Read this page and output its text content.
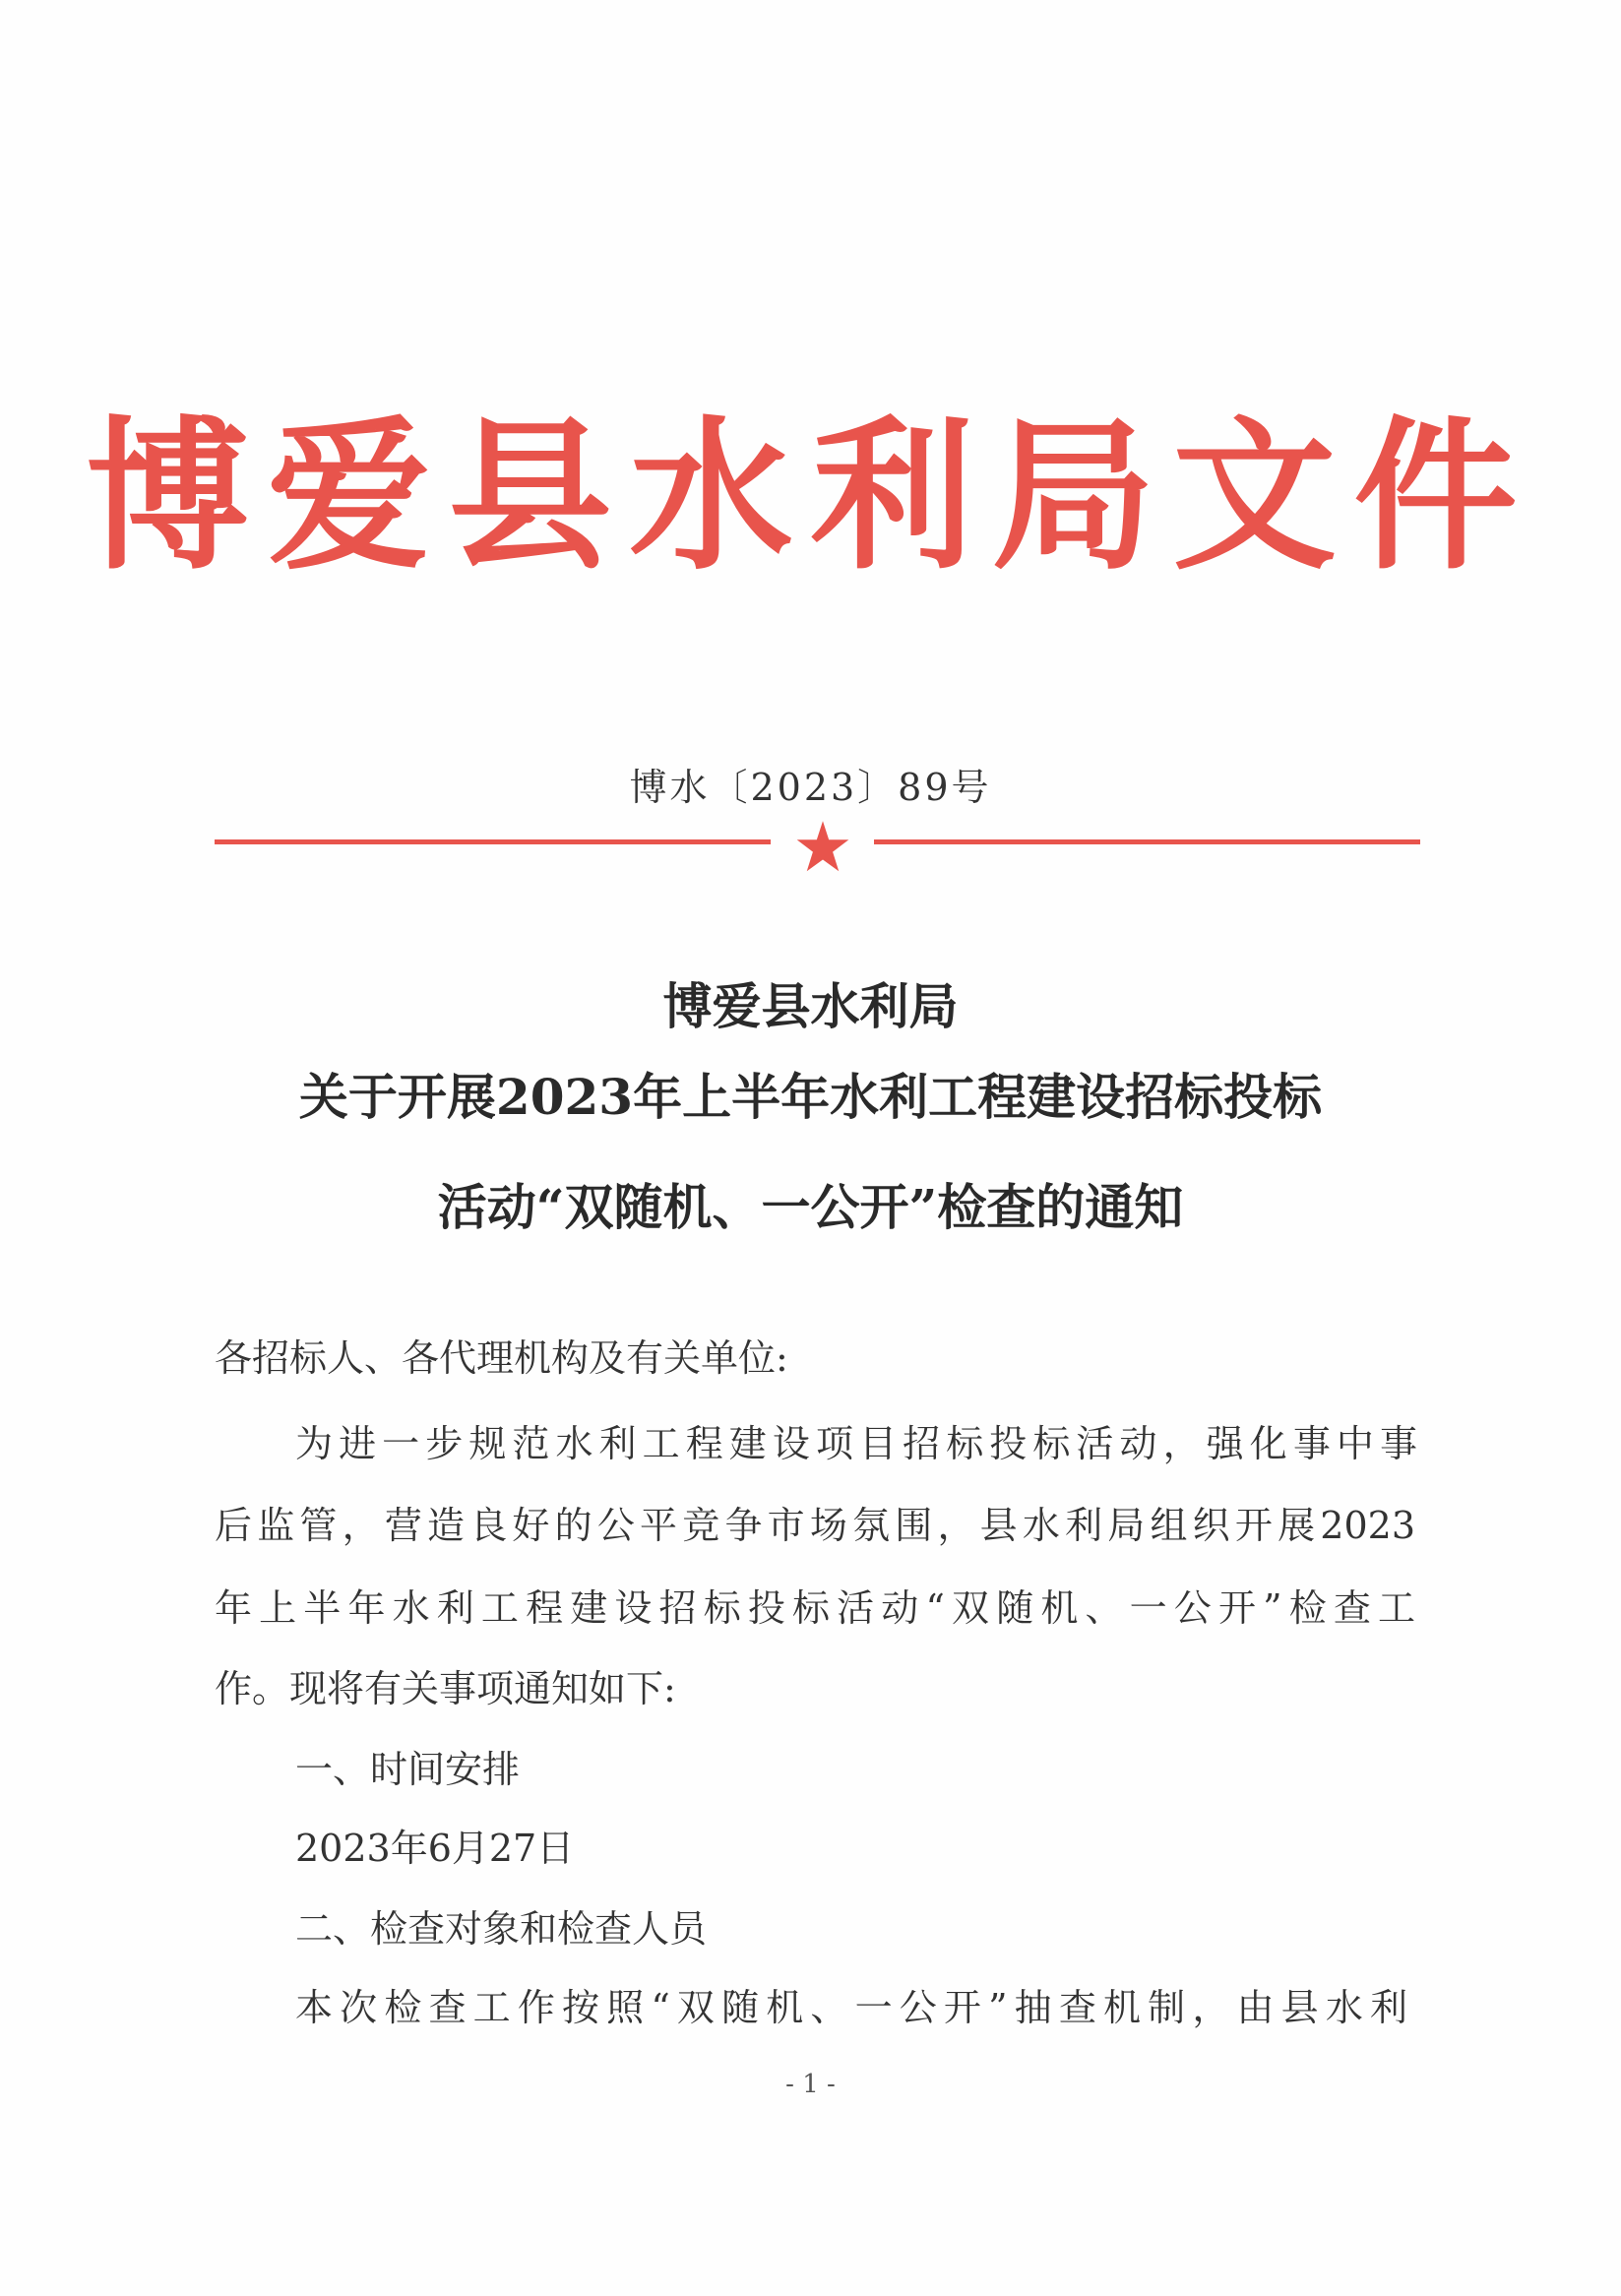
博爱县水利局文件
博水〔2023〕89号
博爱县水利局
关于开展2023年上半年水利工程建设招标投标
活动“双随机、一公开”检查的通知
各招标人、各代理机构及有关单位:
为进一步规范水利工程建设项目招标投标活动，强化事中事
后监管，营造良好的公平竞争市场氛围，县水利局组织开展2023
年上半年水利工程建设招标投标活动“双随机、一公开”检查工
作。现将有关事项通知如下:
一、时间安排
2023年6月27日
二、检查对象和检查人员
本次检查工作按照“双随机、一公开”抽查机制，由县水利
- 1 -
